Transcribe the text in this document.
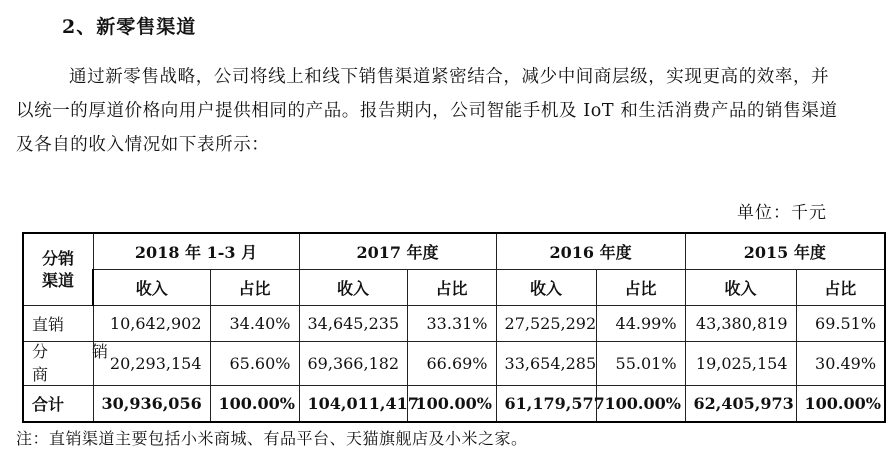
2、新零售渠道
通过新零售战略，公司将线上和线下销售渠道紧密结合，减少中间商层级，实现更高的效率，并以统一的厚道价格向用户提供相同的产品。报告期内，公司智能手机及 IoT 和生活消费产品的销售渠道及各自的收入情况如下表所示：
单位：千元
分销
渠道	2018 年 1-3 月		2017 年度		2016 年度		2015 年度	
	收入	占比	收入	占比	收入	占比	收入	占比
直销	10,642,902	34.40%	34,645,235	33.31%	27,525,292	44.99%	43,380,819	69.51%

分　销
商	20,293,154	65.60%	69,366,182	66.69%	33,654,285	55.01%	19,025,154	30.49%
合计	30,936,056	100.00%	104,011,417	100.00%	61,179,577	100.00%	62,405,973	100.00%
注：直销渠道主要包括小米商城、有品平台、天猫旗舰店及小米之家。
